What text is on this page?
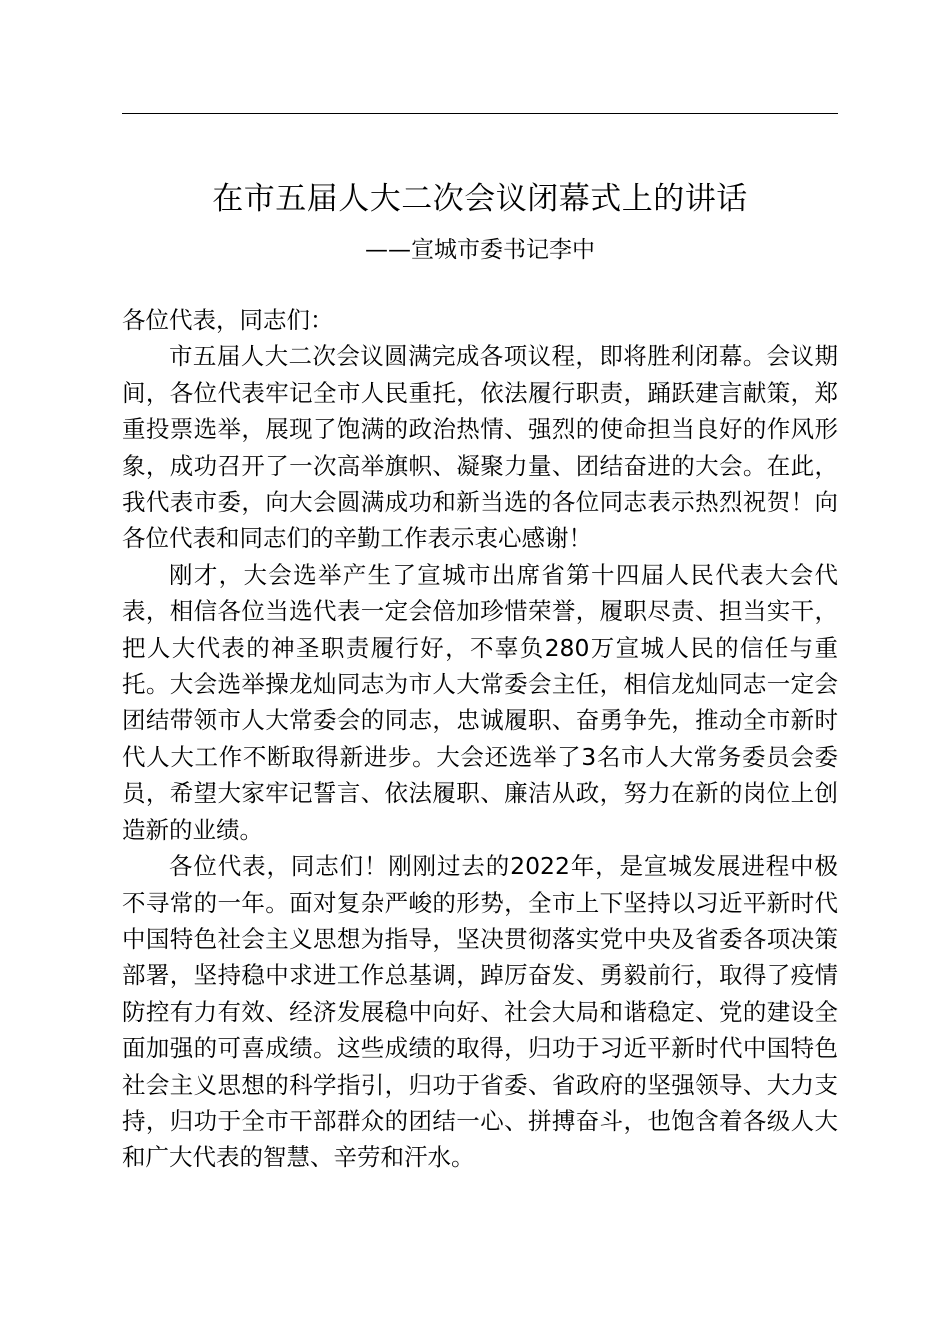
在市五届人大二次会议闭幕式上的讲话
——宣城市委书记李中

各位代表，同志们：

市五届人大二次会议圆满完成各项议程，即将胜利闭幕。会议期间，各位代表牢记全市人民重托，依法履行职责，踊跃建言献策，郑重投票选举，展现了饱满的政治热情、强烈的使命担当良好的作风形象，成功召开了一次高举旗帜、凝聚力量、团结奋进的大会。在此，我代表市委，向大会圆满成功和新当选的各位同志表示热烈祝贺！向各位代表和同志们的辛勤工作表示衷心感谢！

刚才，大会选举产生了宣城市出席省第十四届人民代表大会代表，相信各位当选代表一定会倍加珍惜荣誉，履职尽责、担当实干，把人大代表的神圣职责履行好，不辜负280万宣城人民的信任与重托。大会选举操龙灿同志为市人大常委会主任，相信龙灿同志一定会团结带领市人大常委会的同志，忠诚履职、奋勇争先，推动全市新时代人大工作不断取得新进步。大会还选举了3名市人大常务委员会委员，希望大家牢记誓言、依法履职、廉洁从政，努力在新的岗位上创造新的业绩。

各位代表，同志们！刚刚过去的2022年，是宣城发展进程中极不寻常的一年。面对复杂严峻的形势，全市上下坚持以习近平新时代中国特色社会主义思想为指导，坚决贯彻落实党中央及省委各项决策部署，坚持稳中求进工作总基调，踔厉奋发、勇毅前行，取得了疫情防控有力有效、经济发展稳中向好、社会大局和谐稳定、党的建设全面加强的可喜成绩。这些成绩的取得，归功于习近平新时代中国特色社会主义思想的科学指引，归功于省委、省政府的坚强领导、大力支持，归功于全市干部群众的团结一心、拼搏奋斗，也饱含着各级人大和广大代表的智慧、辛劳和汗水。
